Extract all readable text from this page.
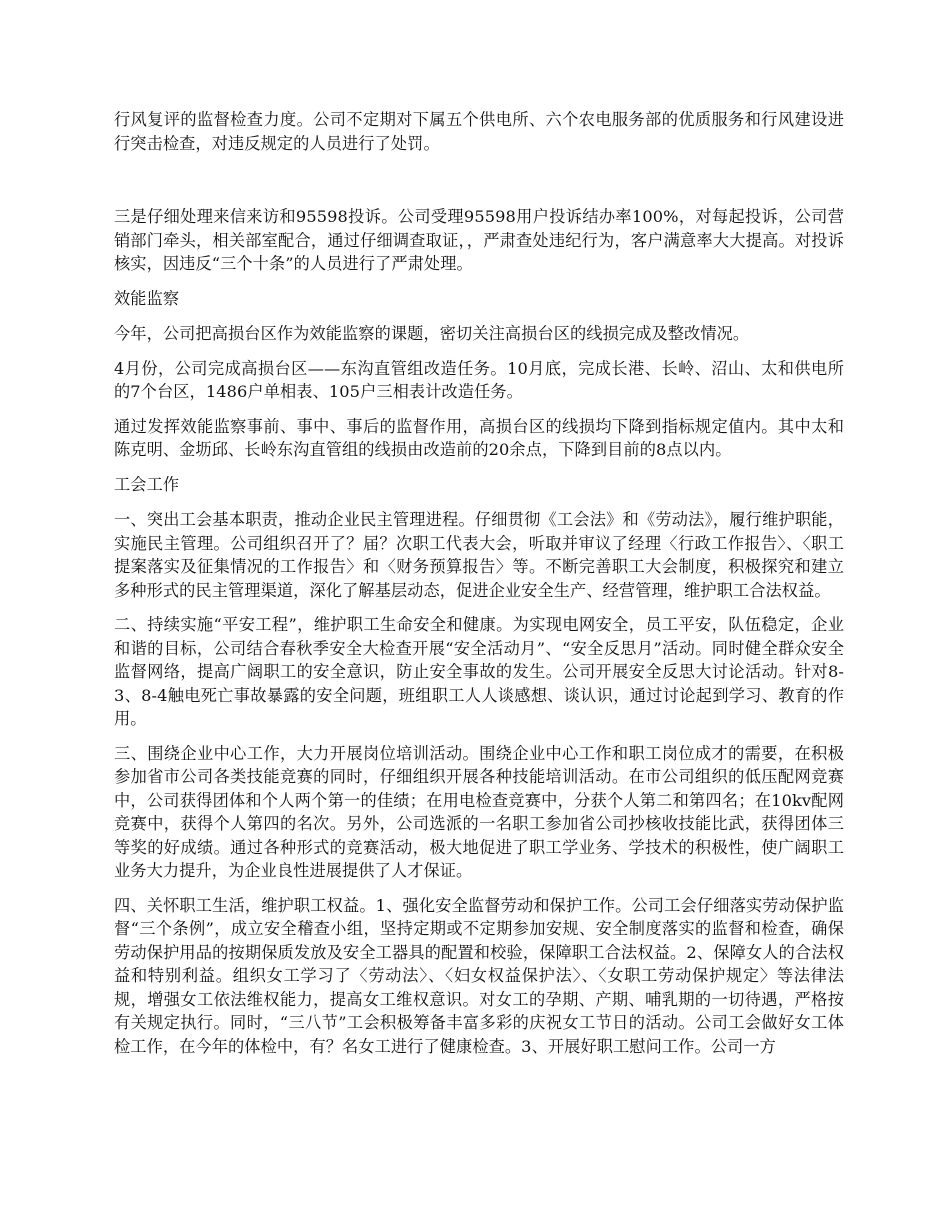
行风复评的监督检查力度。公司不定期对下属五个供电所、六个农电服务部的优质服务和行风建设进行突击检查，对违反规定的人员进行了处罚。

三是仔细处理来信来访和95598投诉。公司受理95598用户投诉结办率100%，对每起投诉，公司营销部门牵头，相关部室配合，通过仔细调查取证，，严肃查处违纪行为，客户满意率大大提高。对投诉核实，因违反“三个十条”的人员进行了严肃处理。

效能监察

今年，公司把高损台区作为效能监察的课题，密切关注高损台区的线损完成及整改情况。

4月份，公司完成高损台区——东沟直管组改造任务。10月底，完成长港、长岭、沼山、太和供电所的7个台区，1486户单相表、105户三相表计改造任务。

通过发挥效能监察事前、事中、事后的监督作用，高损台区的线损均下降到指标规定值内。其中太和陈克明、金坜邱、长岭东沟直管组的线损由改造前的20余点，下降到目前的8点以内。

工会工作

一、突出工会基本职责，推动企业民主管理进程。仔细贯彻《工会法》和《劳动法》，履行维护职能，实施民主管理。公司组织召开了？届？次职工代表大会，听取并审议了经理〈行政工作报告〉、〈职工提案落实及征集情况的工作报告〉和〈财务预算报告〉等。不断完善职工大会制度，积极探究和建立多种形式的民主管理渠道，深化了解基层动态，促进企业安全生产、经营管理，维护职工合法权益。

二、持续实施“平安工程”，维护职工生命安全和健康。为实现电网安全，员工平安，队伍稳定，企业和谐的目标，公司结合春秋季安全大检查开展“安全活动月”、“安全反思月”活动。同时健全群众安全监督网络，提高广阔职工的安全意识，防止安全事故的发生。公司开展安全反思大讨论活动。针对8-3、8-4触电死亡事故暴露的安全问题，班组职工人人谈感想、谈认识，通过讨论起到学习、教育的作用。

三、围绕企业中心工作，大力开展岗位培训活动。围绕企业中心工作和职工岗位成才的需要，在积极参加省市公司各类技能竞赛的同时，仔细组织开展各种技能培训活动。在市公司组织的低压配网竞赛中，公司获得团体和个人两个第一的佳绩；在用电检查竞赛中，分获个人第二和第四名；在10kv配网竞赛中，获得个人第四的名次。另外，公司选派的一名职工参加省公司抄核收技能比武，获得团体三等奖的好成绩。通过各种形式的竞赛活动，极大地促进了职工学业务、学技术的积极性，使广阔职工业务大力提升，为企业良性进展提供了人才保证。

四、关怀职工生活，维护职工权益。1、强化安全监督劳动和保护工作。公司工会仔细落实劳动保护监督“三个条例”，成立安全稽查小组，坚持定期或不定期参加安规、安全制度落实的监督和检查，确保劳动保护用品的按期保质发放及安全工器具的配置和校验，保障职工合法权益。2、保障女人的合法权益和特别利益。组织女工学习了〈劳动法〉、〈妇女权益保护法〉、〈女职工劳动保护规定〉等法律法规，增强女工依法维权能力，提高女工维权意识。对女工的孕期、产期、哺乳期的一切待遇，严格按有关规定执行。同时，“三八节”工会积极筹备丰富多彩的庆祝女工节日的活动。公司工会做好女工体检工作，在今年的体检中，有？名女工进行了健康检查。3、开展好职工慰问工作。公司一方
